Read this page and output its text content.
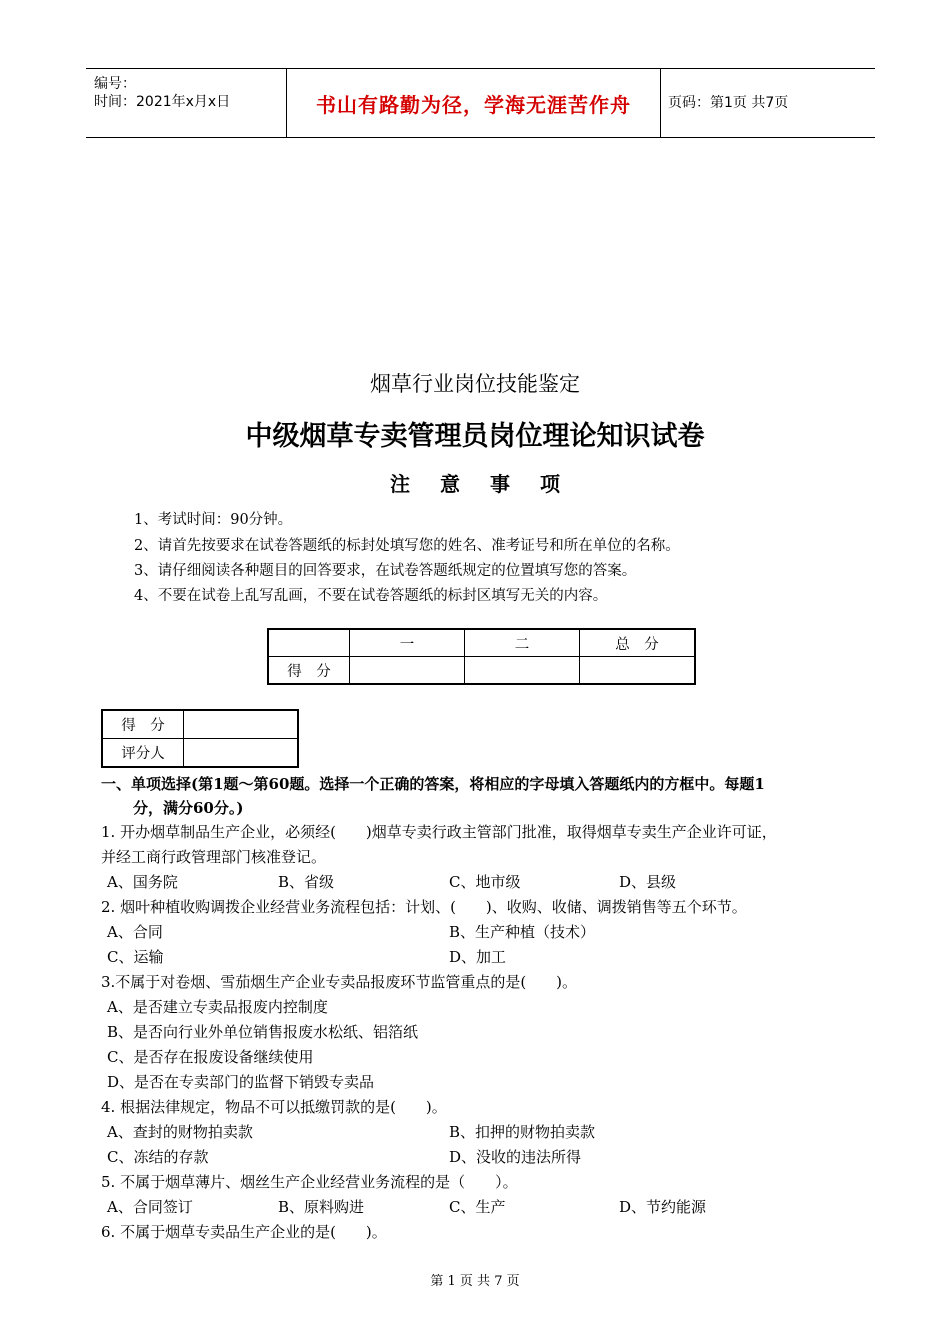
编号：
时间：2021年x月x日	书山有路勤为径，学海无涯苦作舟	页码：第1页 共7页
烟草行业岗位技能鉴定
中级烟草专卖管理员岗位理论知识试卷
注意事项
1、考试时间：90分钟。
2、请首先按要求在试卷答题纸的标封处填写您的姓名、准考证号和所在单位的名称。
3、请仔细阅读各种题目的回答要求，在试卷答题纸规定的位置填写您的答案。
4、不要在试卷上乱写乱画，不要在试卷答题纸的标封区填写无关的内容。
	一	二	总　分
得　分			
得　分	
评分人	
一、单项选择(第1题～第60题。选择一个正确的答案，将相应的字母填入答题纸内的方框中。每题1
分，满分60分。)
1. 开办烟草制品生产企业，必须经(　　)烟草专卖行政主管部门批准，取得烟草专卖生产企业许可证，
并经工商行政管理部门核准登记。
A、国务院	B、省级	C、地市级	D、县级
2. 烟叶种植收购调拨企业经营业务流程包括：计划、(　　)、收购、收储、调拨销售等五个环节。
A、合同	B、生产种植（技术）
C、运输	D、加工
3.不属于对卷烟、雪茄烟生产企业专卖品报废环节监管重点的是(　　)。
A、是否建立专卖品报废内控制度
B、是否向行业外单位销售报废水松纸、铝箔纸
C、是否存在报废设备继续使用
D、是否在专卖部门的监督下销毁专卖品
4. 根据法律规定，物品不可以抵缴罚款的是(　　)。
A、查封的财物拍卖款	B、扣押的财物拍卖款
C、冻结的存款	D、没收的违法所得
5. 不属于烟草薄片、烟丝生产企业经营业务流程的是（　　）。
A、合同签订	B、原料购进	C、生产	D、节约能源
6. 不属于烟草专卖品生产企业的是(　　)。
第 1 页 共 7 页
